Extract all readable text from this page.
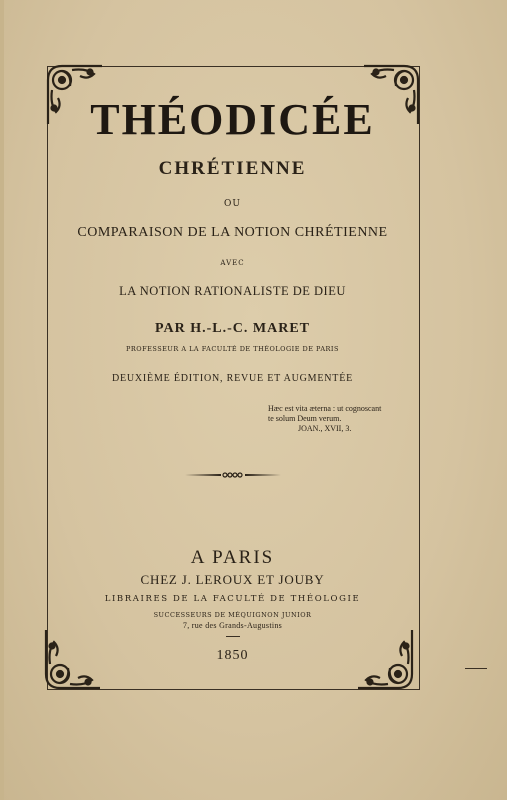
THÉODICÉE
CHRÉTIENNE
OU
COMPARAISON DE LA NOTION CHRÉTIENNE
AVEC
LA NOTION RATIONALISTE DE DIEU
PAR H.-L.-C. MARET
PROFESSEUR A LA FACULTÉ DE THÉOLOGIE DE PARIS
DEUXIÈME ÉDITION, REVUE ET AUGMENTÉE
Hæc est vita æterna : ut cognoscant
te solum Deum verum.
JOAN., XVII, 3.
A PARIS
CHEZ J. LEROUX ET JOUBY
LIBRAIRES DE LA FACULTÉ DE THÉOLOGIE
SUCCESSEURS DE MÉQUIGNON JUNIOR
7, rue des Grands-Augustins
1850
